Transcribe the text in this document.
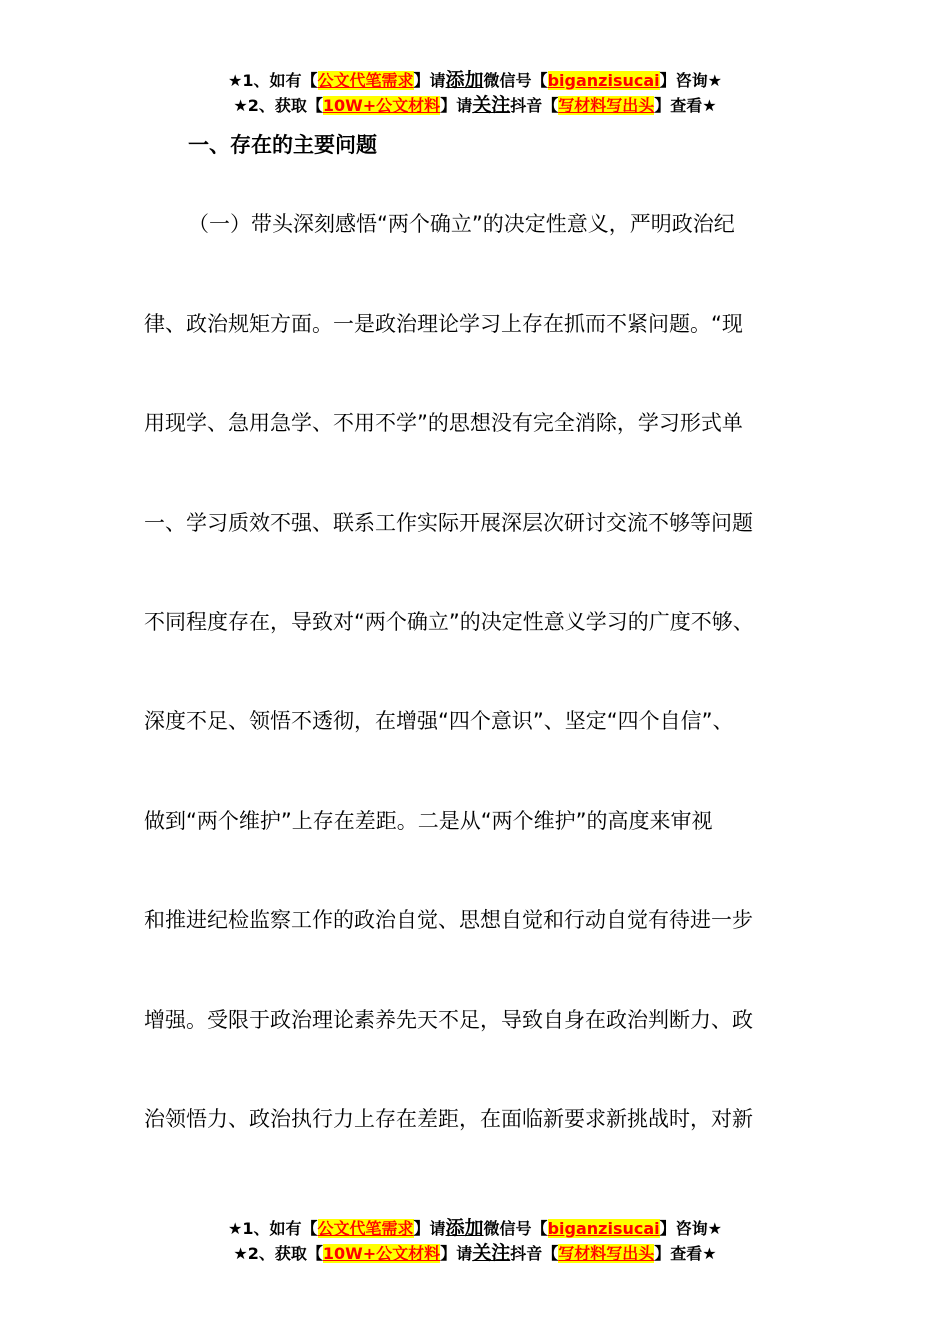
★1、如有【公文代笔需求】请添加微信号【biganzisucai】咨询★
★2、获取【10W+公文材料】请关注抖音【写材料写出头】查看★
一、存在的主要问题
（一）带头深刻感悟“两个确立”的决定性意义，严明政治纪
律、政治规矩方面。一是政治理论学习上存在抓而不紧问题。“现
用现学、急用急学、不用不学”的思想没有完全消除，学习形式单
一、学习质效不强、联系工作实际开展深层次研讨交流不够等问题
不同程度存在，导致对“两个确立”的决定性意义学习的广度不够、
深度不足、领悟不透彻，在增强“四个意识”、坚定“四个自信”、
做到“两个维护”上存在差距。二是从“两个维护”的高度来审视
和推进纪检监察工作的政治自觉、思想自觉和行动自觉有待进一步
增强。受限于政治理论素养先天不足，导致自身在政治判断力、政
治领悟力、政治执行力上存在差距，在面临新要求新挑战时，对新
★1、如有【公文代笔需求】请添加微信号【biganzisucai】咨询★
★2、获取【10W+公文材料】请关注抖音【写材料写出头】查看★
